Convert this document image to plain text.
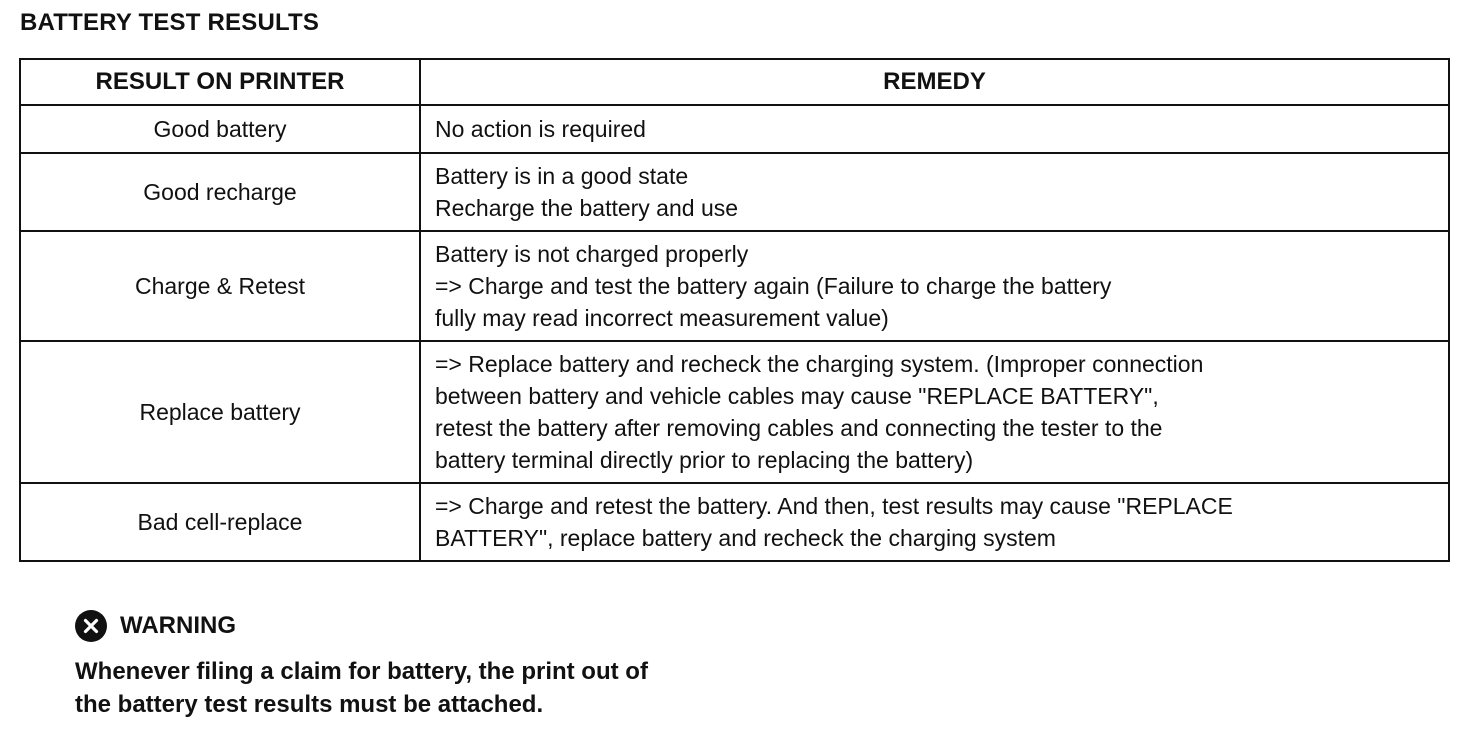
BATTERY TEST RESULTS
RESULT ON PRINTER	REMEDY
Good battery	No action is required

Good recharge	Battery is in a good state
Recharge the battery and use

Charge & Retest	Battery is not charged properly
=> Charge and test the battery again (Failure to charge the battery
fully may read incorrect measurement value)

Replace battery	=> Replace battery and recheck the charging system. (Improper connection
between battery and vehicle cables may cause "REPLACE BATTERY",
retest the battery after removing cables and connecting the tester to the
battery terminal directly prior to replacing the battery)

Bad cell-replace	=> Charge and retest the battery. And then, test results may cause "REPLACE
BATTERY", replace battery and recheck the charging system
WARNING
Whenever filing a claim for battery, the print out of
the battery test results must be attached.
